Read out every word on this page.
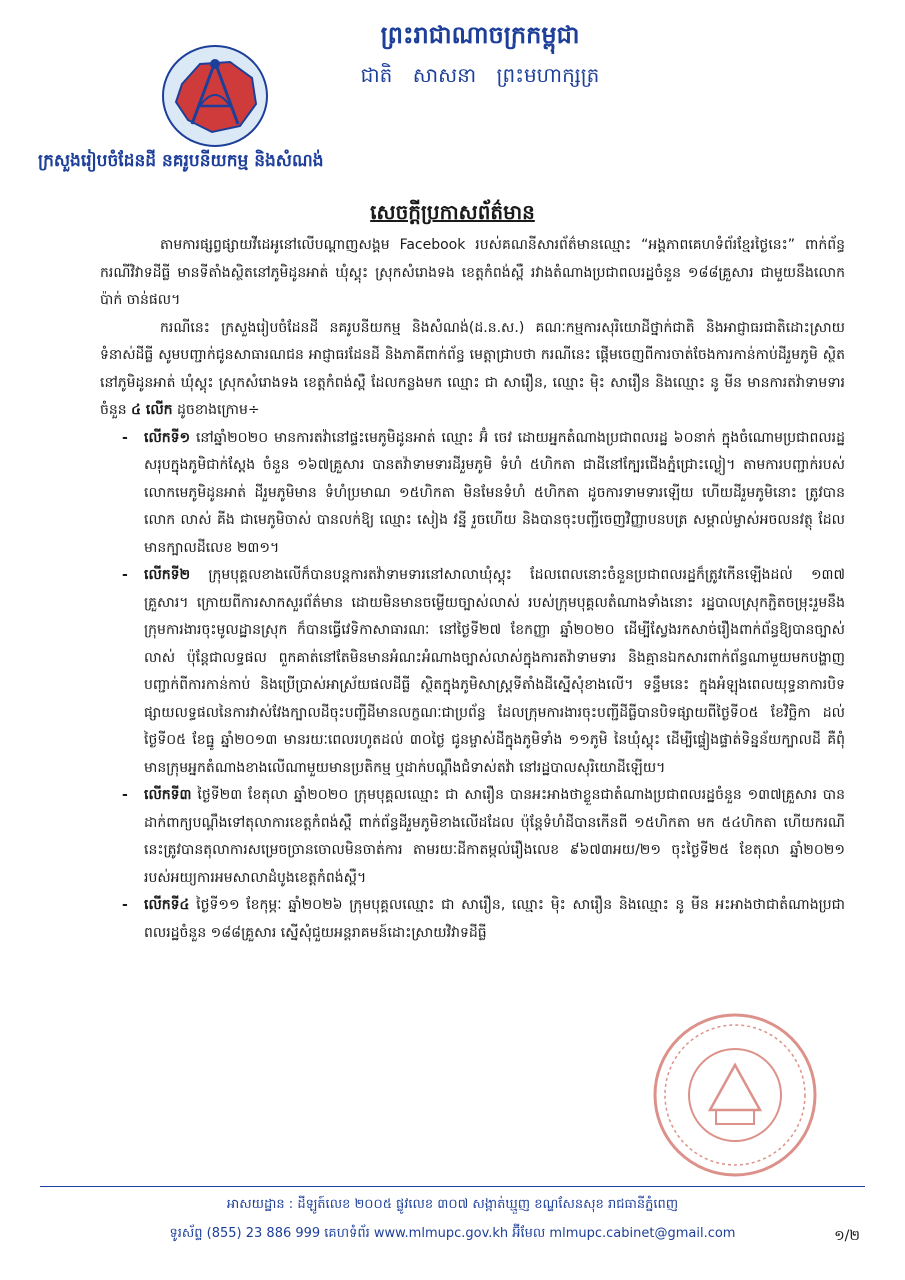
ព្រះរាជាណាចក្រកម្ពុជា
ជាតិ សាសនា ព្រះមហាក្សត្រ
ក្រសួងរៀបចំដែនដី នគរូបនីយកម្ម និងសំណង់
សេចក្តីប្រកាសព័ត៌មាន

តាមការផ្សព្វផ្សាយវីដេអូនៅលើបណ្តាញសង្គម Facebook របស់គណនីសារព័ត៌មានឈ្មោះ “អង្គភាពគេហទំព័រខ្មែរថ្ងៃនេះ” ពាក់ព័ន្ធករណីវិវាទដីធ្លី មានទីតាំងស្ថិតនៅភូមិដូនអាត់ ឃុំស្គុះ ស្រុកសំរោងទង ខេត្តកំពង់ស្ពឺ រវាងតំណាងប្រជាពលរដ្ឋចំនួន ១៨៨គ្រួសារ ជាមួយនឹងលោក ប៉ាក់ ចាន់ផល។

ករណីនេះ ក្រសួងរៀបចំដែនដី នគរូបនីយកម្ម និងសំណង់(ដ.ន.ស.) គណៈកម្មការសុរិយោដីថ្នាក់ជាតិ និងអាជ្ញាធរជាតិដោះស្រាយទំនាស់ដីធ្លី សូមបញ្ជាក់ជូនសាធារណជន អាជ្ញាធរដែនដី និងភាគីពាក់ព័ន្ធ មេត្តាជ្រាបថា ករណីនេះ ផ្តើមចេញពីការចាត់ចែងការកាន់កាប់ដីរួមភូមិ ស្ថិតនៅភូមិដូនអាត់ ឃុំស្គុះ ស្រុកសំរោងទង ខេត្តកំពង់ស្ពឺ ដែលកន្លងមក ឈ្មោះ ជា សារឿន, ឈ្មោះ ម៉ិះ សារឿន និងឈ្មោះ នូ មីន មានការតវ៉ាទាមទារចំនួន ៤ លើក ដូចខាងក្រោម÷

- លើកទី១ នៅឆ្នាំ២០២០ មានការតវ៉ានៅផ្ទះមេភូមិដូនអាត់ ឈ្មោះ អ៊ំ ចេវ ដោយអ្នកតំណាងប្រជាពលរដ្ឋ ៦០នាក់ ក្នុងចំណោមប្រជាពលរដ្ឋសរុបក្នុងភូមិជាក់ស្តែង ចំនួន ១៦៧គ្រួសារ បានតវ៉ាទាមទារដីរួមភូមិ ទំហំ ៥ហិកតា ជាដីនៅក្បែរជើងភ្នំជ្រោះល្ងៀ។ តាមការបញ្ជាក់របស់លោកមេភូមិដូនអាត់ ដីរួមភូមិមាន ទំហំប្រមាណ ១៥ហិកតា មិនមែនទំហំ ៥ហិកតា ដូចការទាមទារឡើយ ហើយដីរួមភូមិនោះ ត្រូវបាន លោក លាស់ គីង ជាមេភូមិចាស់ បានលក់ឱ្យ ឈ្មោះ សៀង វន្នី រួចហើយ និងបានចុះបញ្ជីចេញវិញ្ញាបនបត្រ សម្គាល់ម្ចាស់អចលនវត្ថុ ដែលមានក្បាលដីលេខ ២៣១។
- លើកទី២ ក្រុមបុគ្គលខាងលើក៏បានបន្តការតវ៉ាទាមទារនៅសាលាឃុំស្គុះ ដែលពេលនោះចំនួនប្រជាពលរដ្ឋក៏ត្រូវកើនឡើងដល់ ១៣៧ គ្រួសារ។ ក្រោយពីការសាកសួរព័ត៌មាន ដោយមិនមានចម្លើយច្បាស់លាស់ របស់ក្រុមបុគ្គលតំណាងទាំងនោះ រដ្ឋបាលស្រុកភ្ជិតចម្រុះរួមនឹងក្រុមការងារចុះមូលដ្ឋានស្រុក ក៏បានធ្វើវេទិកាសាធារណៈ នៅថ្ងៃទី២៧ ខែកញ្ញា ឆ្នាំ២០២០ ដើម្បីស្វែងរកសាច់រឿងពាក់ព័ន្ធឱ្យបានច្បាស់លាស់ ប៉ុន្តែជាលទ្ធផល ពួកគាត់នៅតែមិនមានអំណះអំណាងច្បាស់លាស់ក្នុងការតវ៉ាទាមទារ និងគ្មានឯកសារពាក់ព័ន្ធណាមួយមកបង្ហាញបញ្ជាក់ពីការកាន់កាប់ និងប្រើប្រាស់អាស្រ័យផលដីធ្លី ស្ថិតក្នុងភូមិសាស្ត្រទីតាំងដីស្នើសុំខាងលើ។ ទន្ទឹមនេះ ក្នុងអំឡុងពេលយុទ្ធនាការបិទផ្សាយលទ្ធផលនៃការវាស់វែងក្បាលដីចុះបញ្ជីដីមានលក្ខណៈជាប្រព័ន្ធ ដែលក្រុមការងារចុះបញ្ជីដីធ្លីបានបិទផ្សាយពីថ្ងៃទី០៥ ខែវិច្ឆិកា ដល់ថ្ងៃទី០៥ ខែធ្នូ ឆ្នាំ២០១៣ មានរយៈពេលរហូតដល់ ៣០ថ្ងៃ ជូនម្ចាស់ដីក្នុងភូមិទាំង ១១ភូមិ នៃឃុំស្គុះ ដើម្បីផ្ទៀងផ្ទាត់ទិន្នន័យក្បាលដី គឺពុំមានក្រុមអ្នកតំណាងខាងលើណាមួយមានប្រតិកម្ម ឬដាក់បណ្តឹងជំទាស់តវ៉ា នៅរដ្ឋបាលសុរិយោដីឡើយ។
- លើកទី៣ ថ្ងៃទី២៣ ខែតុលា ឆ្នាំ២០២០ ក្រុមបុគ្គលឈ្មោះ ជា សារឿន បានអះអាងថាខ្លួនជាតំណាងប្រជាពលរដ្ឋចំនួន ១៣៧គ្រួសារ បានដាក់ពាក្យបណ្តឹងទៅតុលាការខេត្តកំពង់ស្ពឺ ពាក់ព័ន្ធដីរួមភូមិខាងលើដដែល ប៉ុន្តែទំហំដីបានកើនពី ១៥ហិកតា មក ៥៤ហិកតា ហើយករណីនេះត្រូវបានតុលាការសម្រេចច្រានចោលមិនចាត់ការ តាមរយៈដីកាតម្កល់រឿងលេខ ៩៦៧៣អយ/២១ ចុះថ្ងៃទី២៥ ខែតុលា ឆ្នាំ២០២១ របស់អយ្យការអមសាលាដំបូងខេត្តកំពង់ស្ពឺ។
- លើកទី៤ ថ្ងៃទី១១ ខែកុម្ភៈ ឆ្នាំ២០២៦ ក្រុមបុគ្គលឈ្មោះ ជា សារឿន, ឈ្មោះ ម៉ិះ សារឿន និងឈ្មោះ នូ មីន អះអាងថាជាតំណាងប្រជាពលរដ្ឋចំនួន ១៨៨គ្រួសារ ស្នើសុំជួយអន្តរាគមន៍ដោះស្រាយវិវាទដីធ្លី
អាសយដ្ឋាន : ដីឡូត៍លេខ ២០០៥ ផ្លូវលេខ ៣០៧ សង្កាត់ឃ្មួញ ខណ្ឌសែនសុខ រាជធានីភ្នំពេញ
ទូរស័ព្ទ (855) 23 886 999 គេហទំព័រ www.mlmupc.gov.kh អ៊ីមែល mlmupc.cabinet@gmail.com	១/២
